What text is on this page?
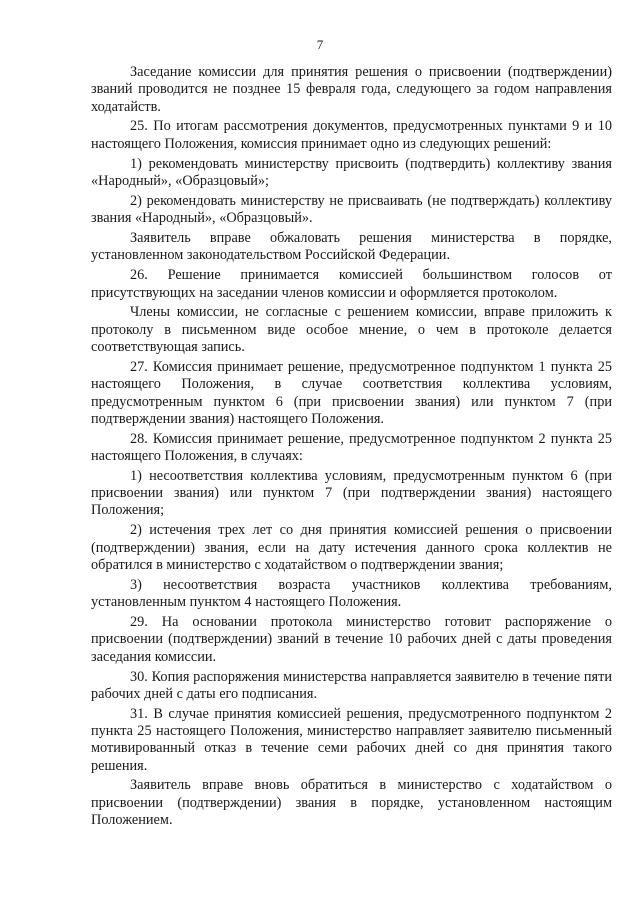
7

Заседание комиссии для принятия решения о присвоении (подтверждении) званий проводится не позднее 15 февраля года, следующего за годом направления ходатайств.

25. По итогам рассмотрения документов, предусмотренных пунктами 9 и 10 настоящего Положения, комиссия принимает одно из следующих решений:

1) рекомендовать министерству присвоить (подтвердить) коллективу звания «Народный», «Образцовый»;

2) рекомендовать министерству не присваивать (не подтверждать) коллективу звания «Народный», «Образцовый».

Заявитель вправе обжаловать решения министерства в порядке, установленном законодательством Российской Федерации.

26. Решение принимается комиссией большинством голосов от присутствующих на заседании членов комиссии и оформляется протоколом.

Члены комиссии, не согласные с решением комиссии, вправе приложить к протоколу в письменном виде особое мнение, о чем в протоколе делается соответствующая запись.

27. Комиссия принимает решение, предусмотренное подпунктом 1 пункта 25 настоящего Положения, в случае соответствия коллектива условиям, предусмотренным пунктом 6 (при присвоении звания) или пунктом 7 (при подтверждении звания) настоящего Положения.

28. Комиссия принимает решение, предусмотренное подпунктом 2 пункта 25 настоящего Положения, в случаях:

1) несоответствия коллектива условиям, предусмотренным пунктом 6 (при присвоении звания) или пунктом 7 (при подтверждении звания) настоящего Положения;

2) истечения трех лет со дня принятия комиссией решения о присвоении (подтверждении) звания, если на дату истечения данного срока коллектив не обратился в министерство с ходатайством о подтверждении звания;

3) несоответствия возраста участников коллектива требованиям, установленным пунктом 4 настоящего Положения.

29. На основании протокола министерство готовит распоряжение о присвоении (подтверждении) званий в течение 10 рабочих дней с даты проведения заседания комиссии.

30. Копия распоряжения министерства направляется заявителю в течение пяти рабочих дней с даты его подписания.

31. В случае принятия комиссией решения, предусмотренного подпунктом 2 пункта 25 настоящего Положения, министерство направляет заявителю письменный мотивированный отказ в течение семи рабочих дней со дня принятия такого решения.

Заявитель вправе вновь обратиться в министерство с ходатайством о присвоении (подтверждении) звания в порядке, установленном настоящим Положением.
